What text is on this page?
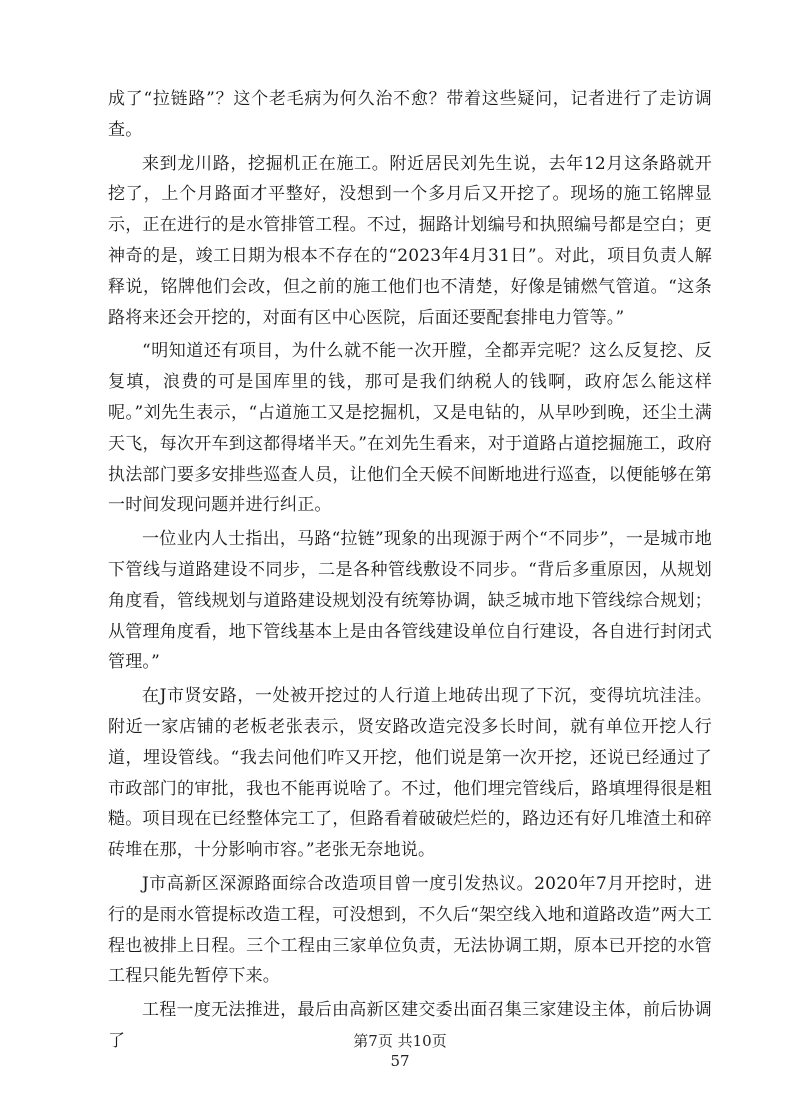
成了“拉链路”？这个老毛病为何久治不愈？带着这些疑问，记者进行了走访调查。

来到龙川路，挖掘机正在施工。附近居民刘先生说，去年12月这条路就开挖了，上个月路面才平整好，没想到一个多月后又开挖了。现场的施工铭牌显示，正在进行的是水管排管工程。不过，掘路计划编号和执照编号都是空白；更神奇的是，竣工日期为根本不存在的“2023年4月31日”。对此，项目负责人解释说，铭牌他们会改，但之前的施工他们也不清楚，好像是铺燃气管道。“这条路将来还会开挖的，对面有区中心医院，后面还要配套排电力管等。”

“明知道还有项目，为什么就不能一次开膛，全都弄完呢？这么反复挖、反复填，浪费的可是国库里的钱，那可是我们纳税人的钱啊，政府怎么能这样呢。”刘先生表示，“占道施工又是挖掘机，又是电钻的，从早吵到晚，还尘土满天飞，每次开车到这都得堵半天。”在刘先生看来，对于道路占道挖掘施工，政府执法部门要多安排些巡查人员，让他们全天候不间断地进行巡查，以便能够在第一时间发现问题并进行纠正。

一位业内人士指出，马路“拉链”现象的出现源于两个“不同步”，一是城市地下管线与道路建设不同步，二是各种管线敷设不同步。“背后多重原因，从规划角度看，管线规划与道路建设规划没有统筹协调，缺乏城市地下管线综合规划；从管理角度看，地下管线基本上是由各管线建设单位自行建设，各自进行封闭式管理。”

在J市贤安路，一处被开挖过的人行道上地砖出现了下沉，变得坑坑洼洼。附近一家店铺的老板老张表示，贤安路改造完没多长时间，就有单位开挖人行道，埋设管线。“我去问他们咋又开挖，他们说是第一次开挖，还说已经通过了市政部门的审批，我也不能再说啥了。不过，他们埋完管线后，路填埋得很是粗糙。项目现在已经整体完工了，但路看着破破烂烂的，路边还有好几堆渣土和碎砖堆在那，十分影响市容。”老张无奈地说。

J市高新区深源路面综合改造项目曾一度引发热议。2020年7月开挖时，进行的是雨水管提标改造工程，可没想到，不久后“架空线入地和道路改造”两大工程也被排上日程。三个工程由三家单位负责，无法协调工期，原本已开挖的水管工程只能先暂停下来。

工程一度无法推进，最后由高新区建交委出面召集三家建设主体，前后协调了	第7页 共10页
57
